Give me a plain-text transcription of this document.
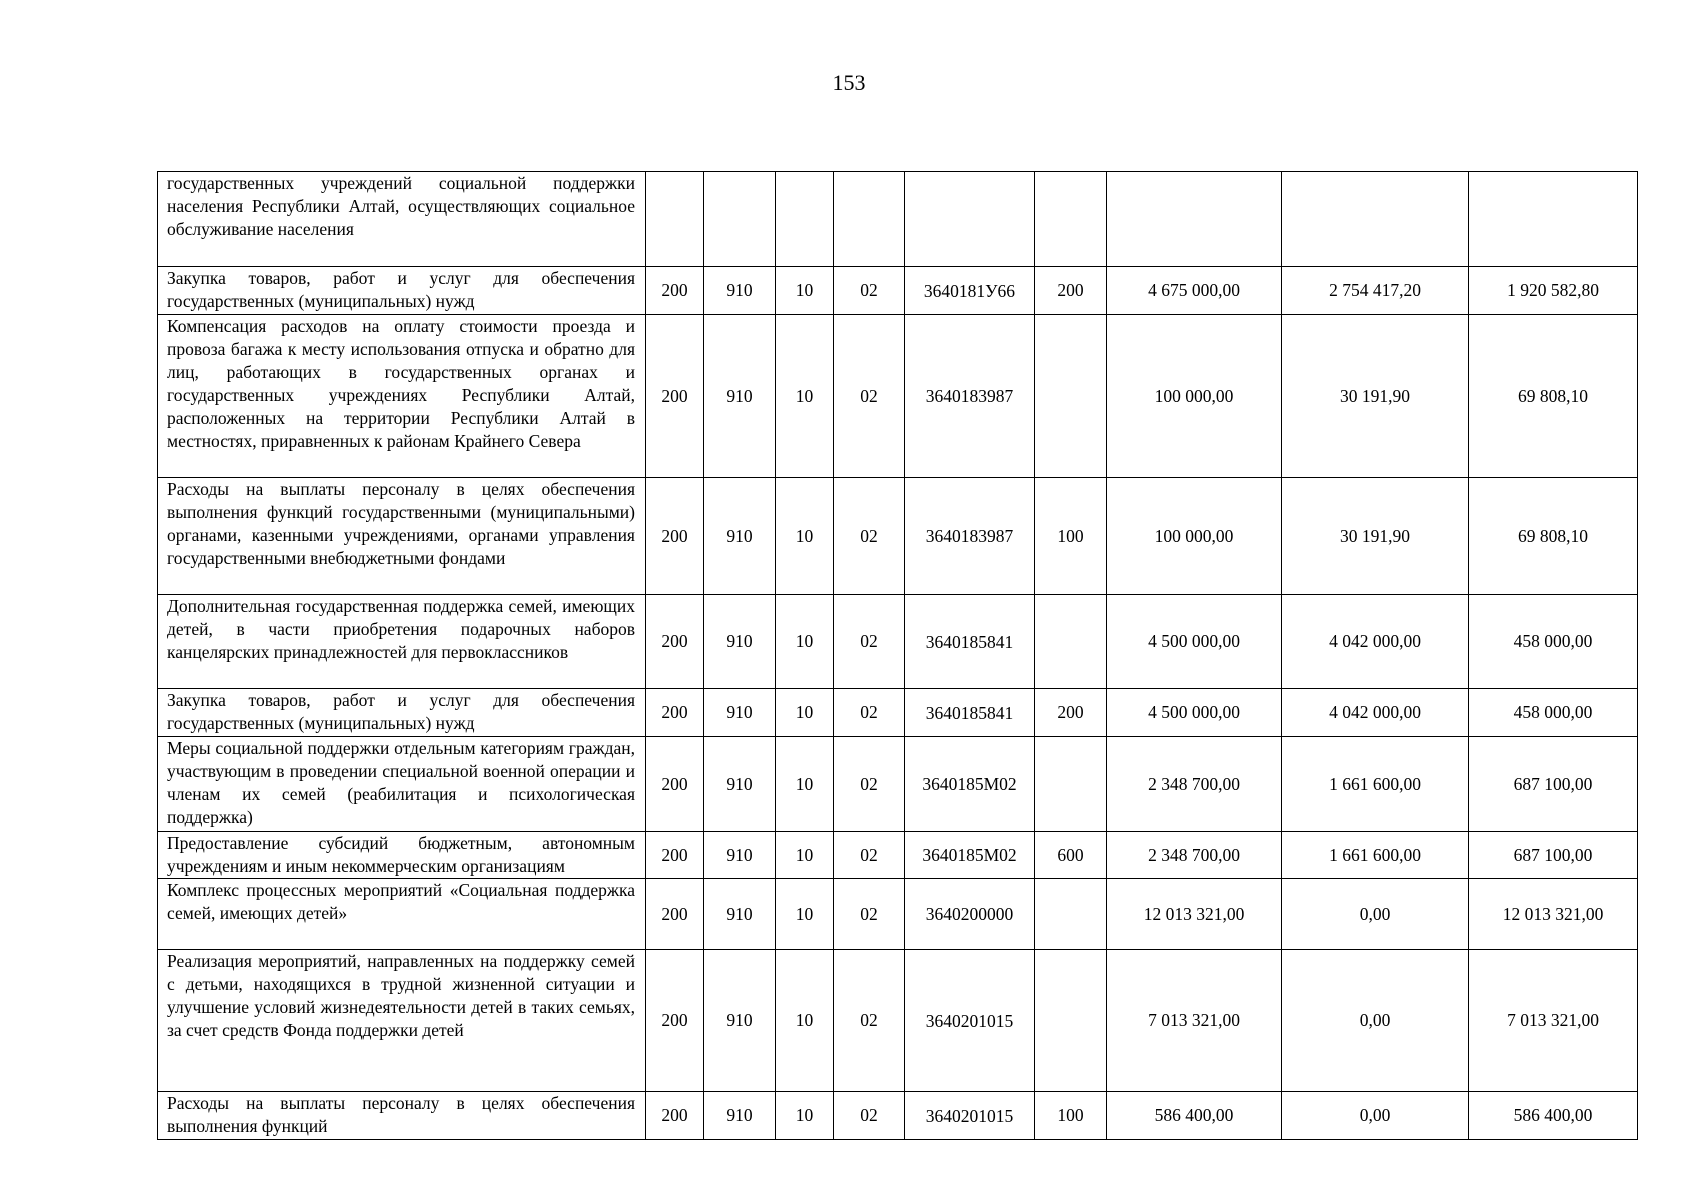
153
государственных учреждений социальной поддержки населения Республики Алтай, осуществляющих социальное обслуживание населения									
Закупка товаров, работ и услуг для обеспечения государственных (муниципальных) нужд	200	910	10	02	3640181У66	200	4 675 000,00	2 754 417,20	1 920 582,80
Компенсация расходов на оплату стоимости проезда и провоза багажа к месту использования отпуска и обратно для лиц, работающих в государственных органах и государственных учреждениях Республики Алтай, расположенных на территории Республики Алтай в местностях, приравненных к районам Крайнего Севера	200	910	10	02	3640183987		100 000,00	30 191,90	69 808,10
Расходы на выплаты персоналу в целях обеспечения выполнения функций государственными (муниципальными) органами, казенными учреждениями, органами управления государственными внебюджетными фондами	200	910	10	02	3640183987	100	100 000,00	30 191,90	69 808,10
Дополнительная государственная поддержка семей, имеющих детей, в части приобретения подарочных наборов канцелярских принадлежностей для первоклассников	200	910	10	02	3640185841		4 500 000,00	4 042 000,00	458 000,00
Закупка товаров, работ и услуг для обеспечения государственных (муниципальных) нужд	200	910	10	02	3640185841	200	4 500 000,00	4 042 000,00	458 000,00
Меры социальной поддержки отдельным категориям граждан, участвующим в проведении специальной военной операции и членам их семей (реабилитация и психологическая поддержка)	200	910	10	02	3640185М02		2 348 700,00	1 661 600,00	687 100,00
Предоставление субсидий бюджетным, автономным учреждениям и иным некоммерческим организациям	200	910	10	02	3640185М02	600	2 348 700,00	1 661 600,00	687 100,00
Комплекс процессных мероприятий «Социальная поддержка семей, имеющих детей»	200	910	10	02	3640200000		12 013 321,00	0,00	12 013 321,00
Реализация мероприятий, направленных на поддержку семей с детьми, находящихся в трудной жизненной ситуации и улучшение условий жизнедеятельности детей в таких семьях, за счет средств Фонда поддержки детей	200	910	10	02	3640201015		7 013 321,00	0,00	7 013 321,00
Расходы на выплаты персоналу в целях обеспечения выполнения функций	200	910	10	02	3640201015	100	586 400,00	0,00	586 400,00
